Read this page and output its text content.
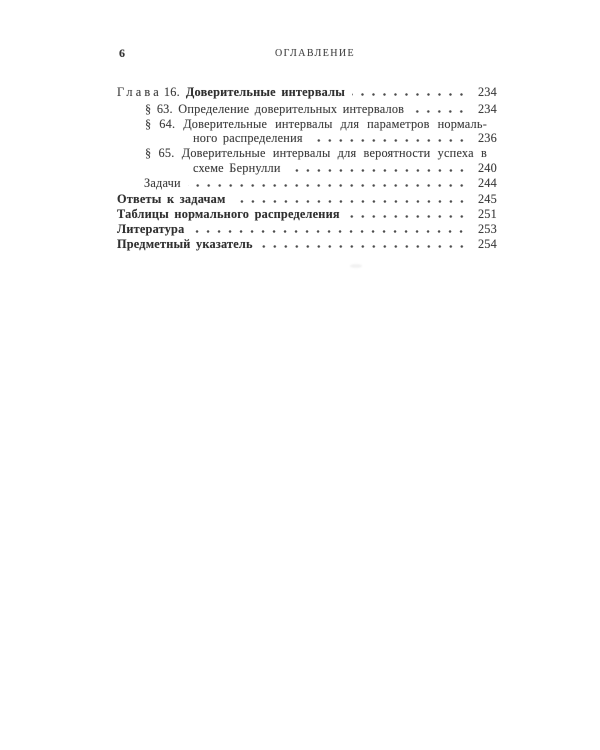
6	ОГЛАВЛЕНИЕ
Глава 16. Доверительные интервалы	234
§ 63. Определение доверительных интервалов	234
§ 64. Доверительные интервалы для параметров нормаль-
ного распределения	236
§ 65. Доверительные интервалы для вероятности успеха в
схеме Бернулли	240
Задачи	244
Ответы к задачам	245
Таблицы нормального распределения	251
Литература	253
Предметный указатель	254
